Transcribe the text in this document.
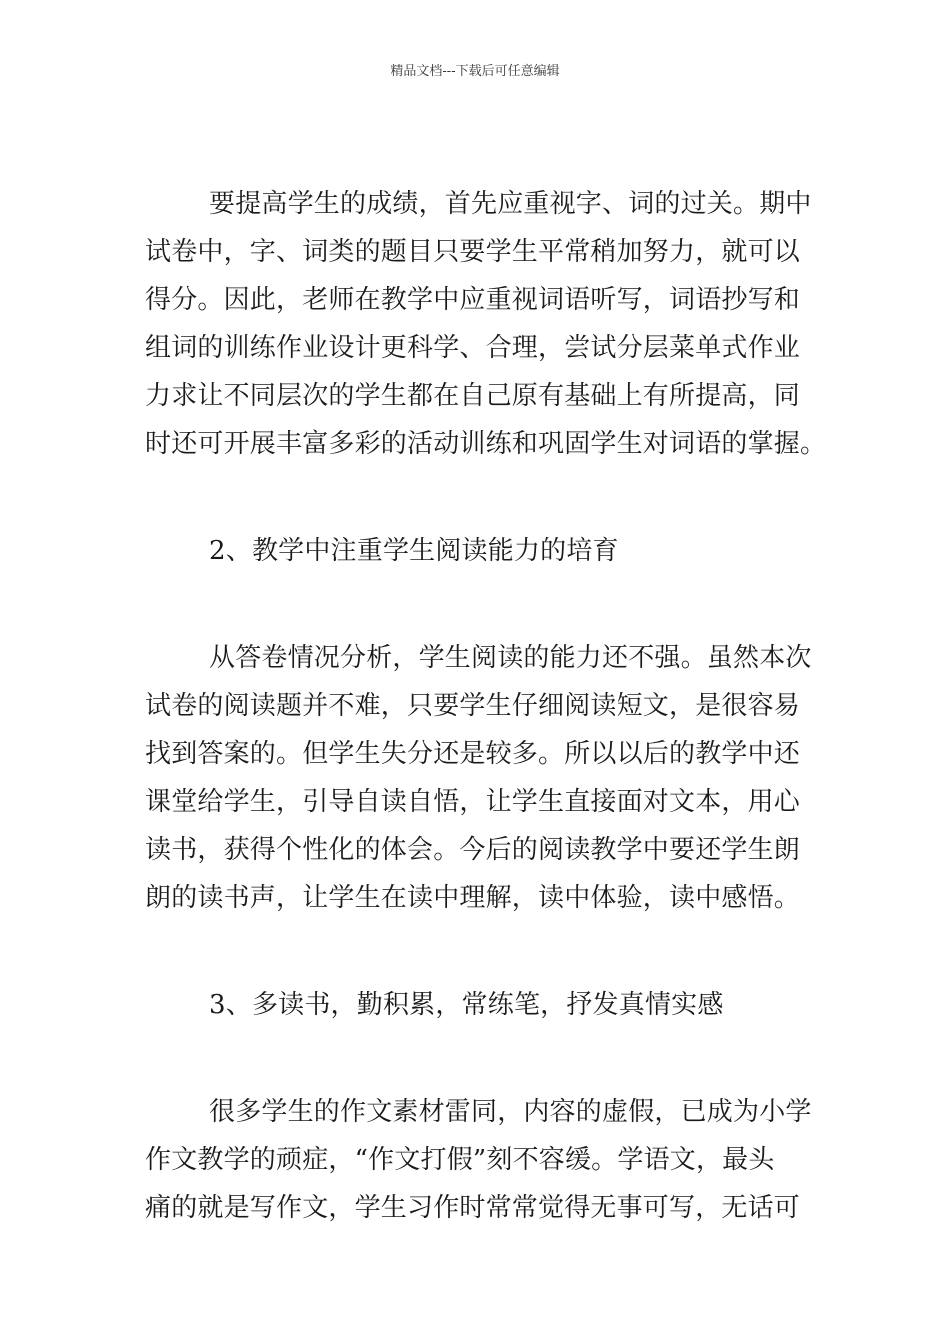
精品文档---下载后可任意编辑
要提高学生的成绩，首先应重视字、词的过关。期中
试卷中，字、词类的题目只要学生平常稍加努力，就可以
得分。因此，老师在教学中应重视词语听写，词语抄写和
组词的训练作业设计更科学、合理，尝试分层菜单式作业
力求让不同层次的学生都在自己原有基础上有所提高，同
时还可开展丰富多彩的活动训练和巩固学生对词语的掌握。
2、教学中注重学生阅读能力的培育
从答卷情况分析，学生阅读的能力还不强。虽然本次
试卷的阅读题并不难，只要学生仔细阅读短文，是很容易
找到答案的。但学生失分还是较多。所以以后的教学中还
课堂给学生，引导自读自悟，让学生直接面对文本，用心
读书，获得个性化的体会。今后的阅读教学中要还学生朗
朗的读书声，让学生在读中理解，读中体验，读中感悟。
3、多读书，勤积累，常练笔，抒发真情实感
很多学生的作文素材雷同，内容的虚假，已成为小学
作文教学的顽症，“作文打假”刻不容缓。学语文，最头
痛的就是写作文，学生习作时常常觉得无事可写，无话可
